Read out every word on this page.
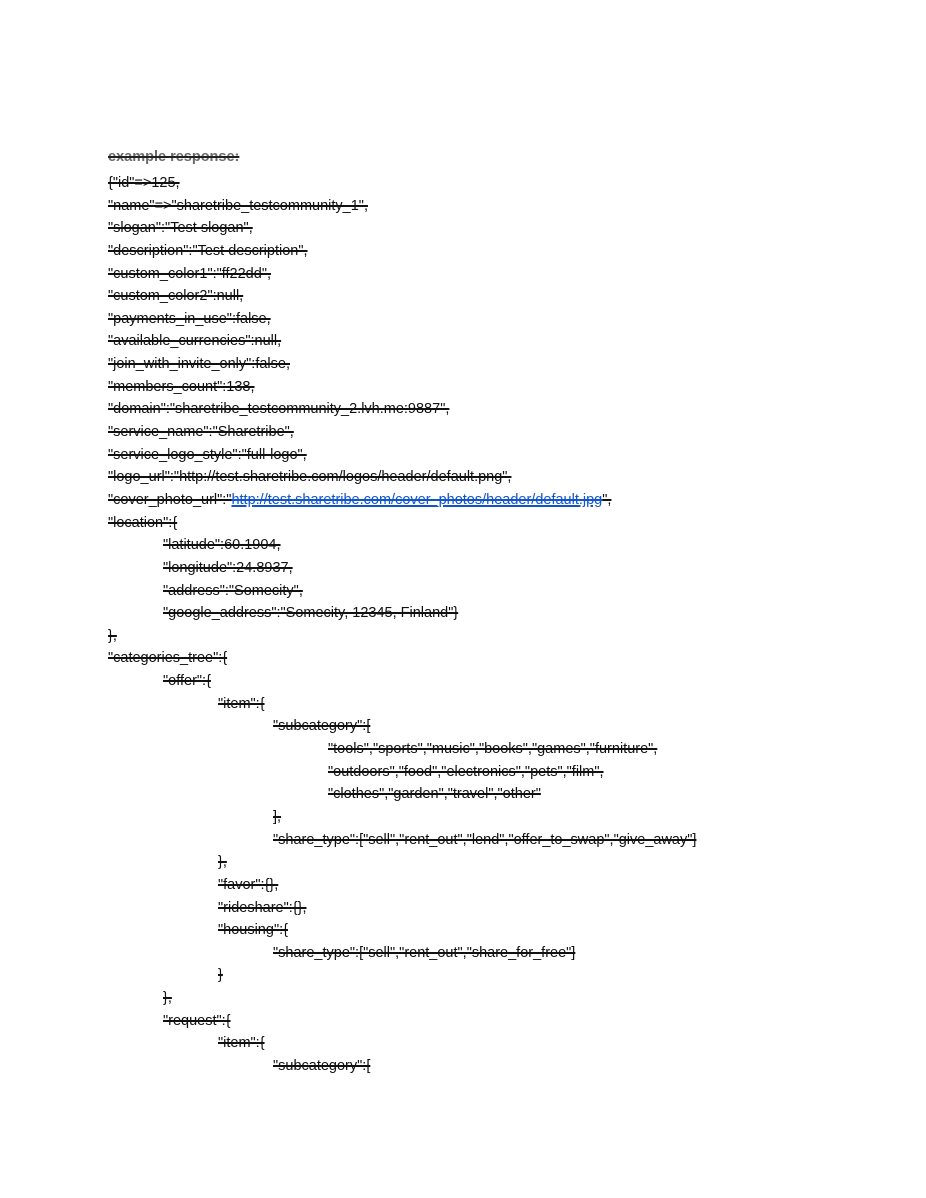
example response:
{"id"=>125,
"name"=>"sharetribe_testcommunity_1",
"slogan":"Test slogan",
"description":"Test description",
"custom_color1":"ff22dd",
"custom_color2":null,
"payments_in_use":false,
"available_currencies":null,
"join_with_invite_only":false,
"members_count":138,
"domain":"sharetribe_testcommunity_2.lvh.me:9887",
"service_name":"Sharetribe",
"service_logo_style":"full-logo",
"logo_url":"http://test.sharetribe.com/logos/header/default.png",
"cover_photo_url":"http://test.sharetribe.com/cover_photos/header/default.jpg",
"location":{
"latitude":60.1904,
"longitude":24.8937,
"address":"Somecity",
"google_address":"Somecity, 12345, Finland"}
},
"categories_tree":{
"offer":{
"item":{
"subcategory":[
"tools","sports","music","books","games","furniture",
"outdoors","food","electronics","pets","film",
"clothes","garden","travel","other"
],
"share_type":["sell","rent_out","lend","offer_to_swap","give_away"]
},
"favor":{},
"rideshare":{},
"housing":{
"share_type":["sell","rent_out","share_for_free"]
}
},
"request":{
"item":{
"subcategory":[
